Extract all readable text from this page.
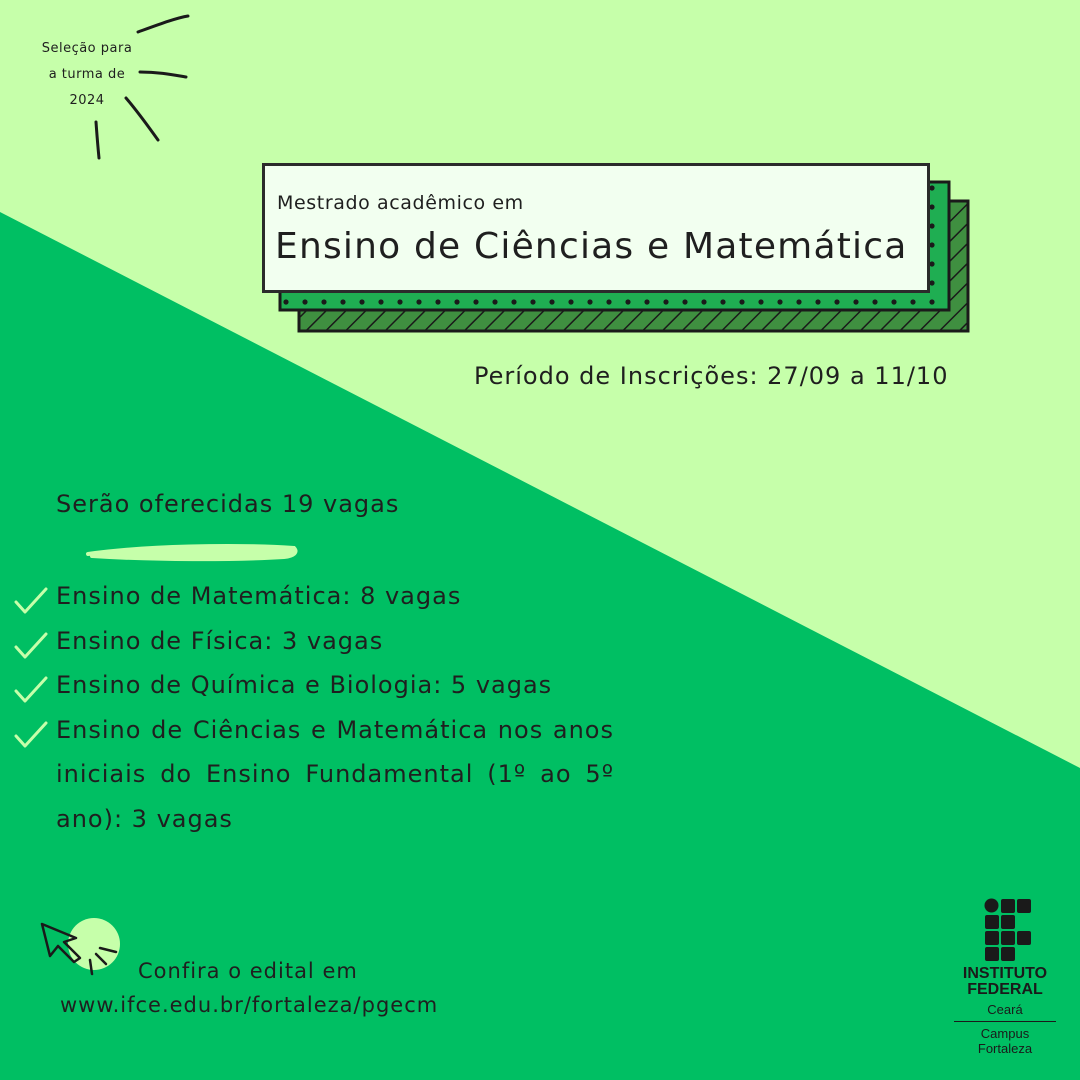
Seleção para
a turma de
2024
Mestrado acadêmico em
Ensino de Ciências e Matemática
Período de Inscrições: 27/09 a 11/10
Serão oferecidas 19 vagas
Ensino de Matemática: 8 vagas
Ensino de Física: 3 vagas
Ensino de Química e Biologia: 5 vagas
Ensino de Ciências e Matemática nos anos iniciais do Ensino Fundamental (1º ao 5º ano): 3 vagas
Confira o edital em
www.ifce.edu.br/fortaleza/pgecm
INSTITUTO
FEDERAL
Ceará
Campus
Fortaleza
